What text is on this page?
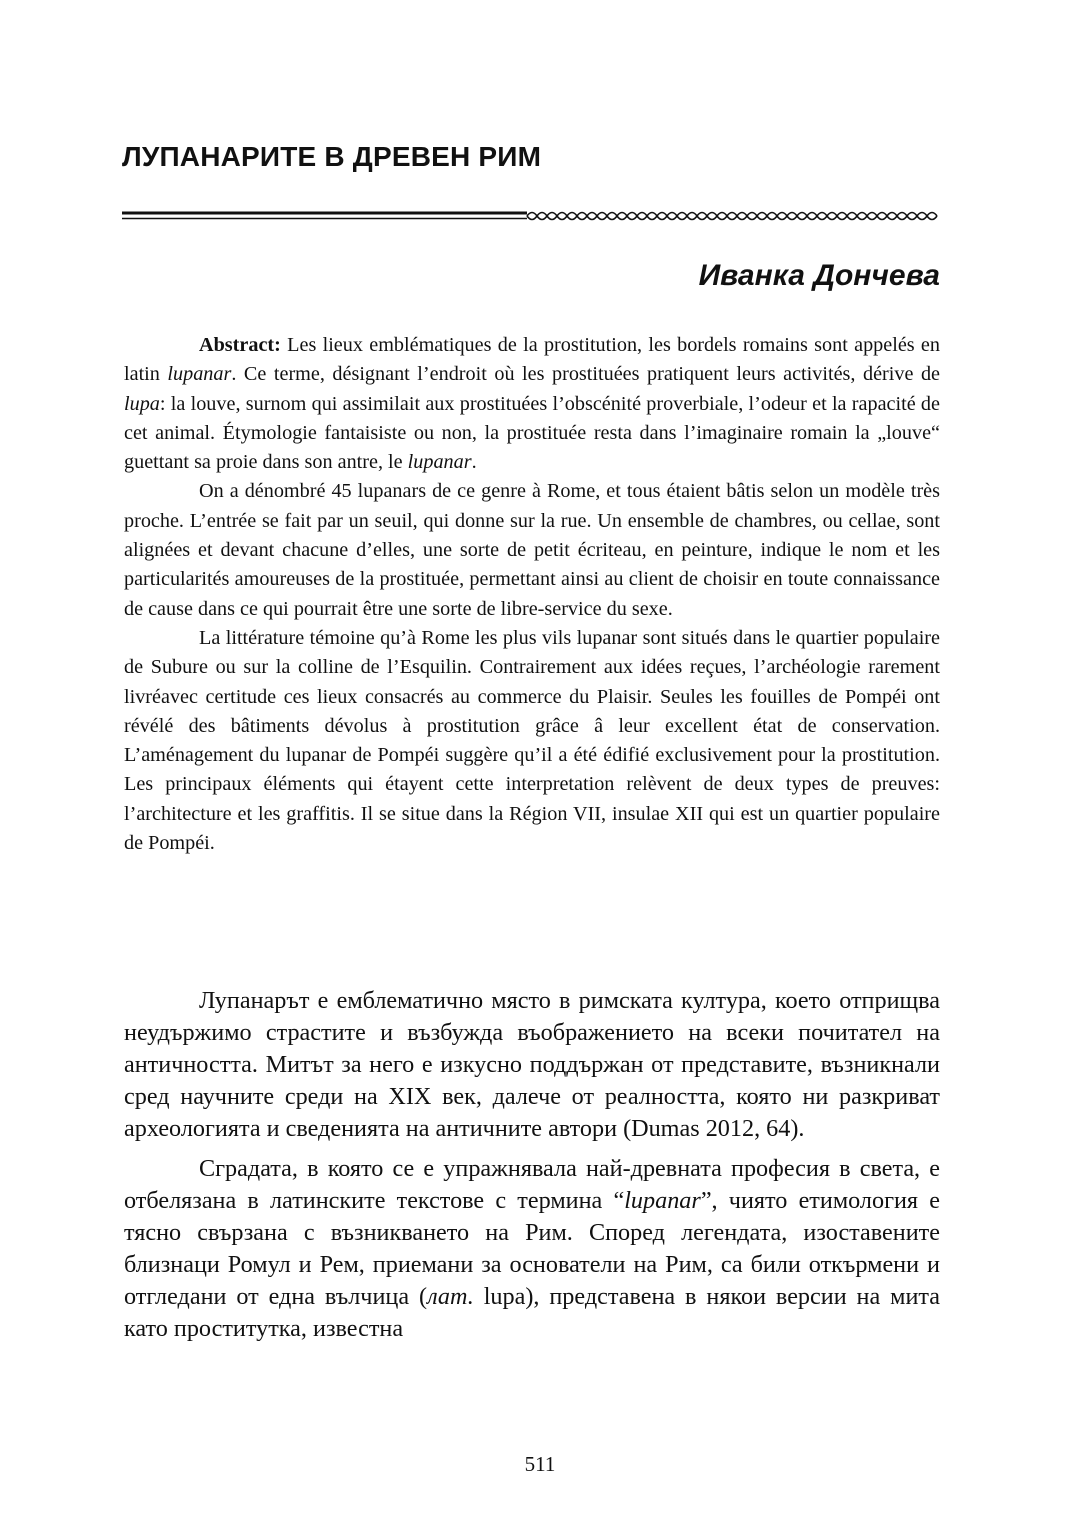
ЛУПАНАРИТЕ В ДРЕВЕН РИМ
Иванка Дончева

Abstract: Les lieux emblématiques de la prostitution, les bordels romains sont appelés en latin lupanar. Ce terme, désignant l’endroit où les prostituées pratiquent leurs activités, dérive de lupa: la louve, surnom qui assimilait aux prostituées l’obscénité proverbiale, l’odeur et la rapacité de cet animal. Étymologie fantaisiste ou non, la prostituée resta dans l’imaginaire romain la „louve“ guettant sa proie dans son antre, le lupanar.

On a dénombré 45 lupanars de ce genre à Rome, et tous étaient bâtis selon un modèle très proche. L’entrée se fait par un seuil, qui donne sur la rue. Un ensemble de chambres, ou cellae, sont alignées et devant chacune d’elles, une sorte de petit écriteau, en peinture, indique le nom et les particularités amoureuses de la prostituée, permettant ainsi au client de choisir en toute connaissance de cause dans ce qui pourrait être une sorte de libre-service du sexe.

La littérature témoine qu’à Rome les plus vils lupanar sont situés dans le quartier populaire de Subure ou sur la colline de l’Esquilin. Contrairement aux idées reçues, l’archéologie rarement livréavec certitude ces lieux consacrés au commerce du Plaisir. Seules les fouilles de Pompéi ont révélé des bâtiments dévolus à prostitution grâce â leur excellent état de conservation. L’aménagement du lupanar de Pompéi suggère qu’il a été édifié exclusivement pour la prostitution. Les principaux éléments qui étayent cette interpretation relèvent de deux types de preuves: l’architecture et les graffitis. Il se situe dans la Région VII, insulae XII qui est un quartier populaire de Pompéi.

Лупанарът е емблематично място в римската култура, което отприщва неудържимо страстите и възбужда въображението на всеки почитател на античността. Митът за него е изкусно поддържан от представите, възникнали сред научните среди на XIX век, далече от реалността, която ни разкриват археологията и сведенията на античните автори (Dumas 2012, 64).

Сградата, в която се е упражнявала най-древната професия в света, е отбелязана в латинските текстове с термина “lupanar”, чиято етимология е тясно свързана с възникването на Рим. Според легендата, изоставените близнаци Ромул и Рем, приемани за основатели на Рим, са били откърмени и отгледани от една вълчица (лат. lupa), представена в някои версии на мита като проститутка, известна

511
